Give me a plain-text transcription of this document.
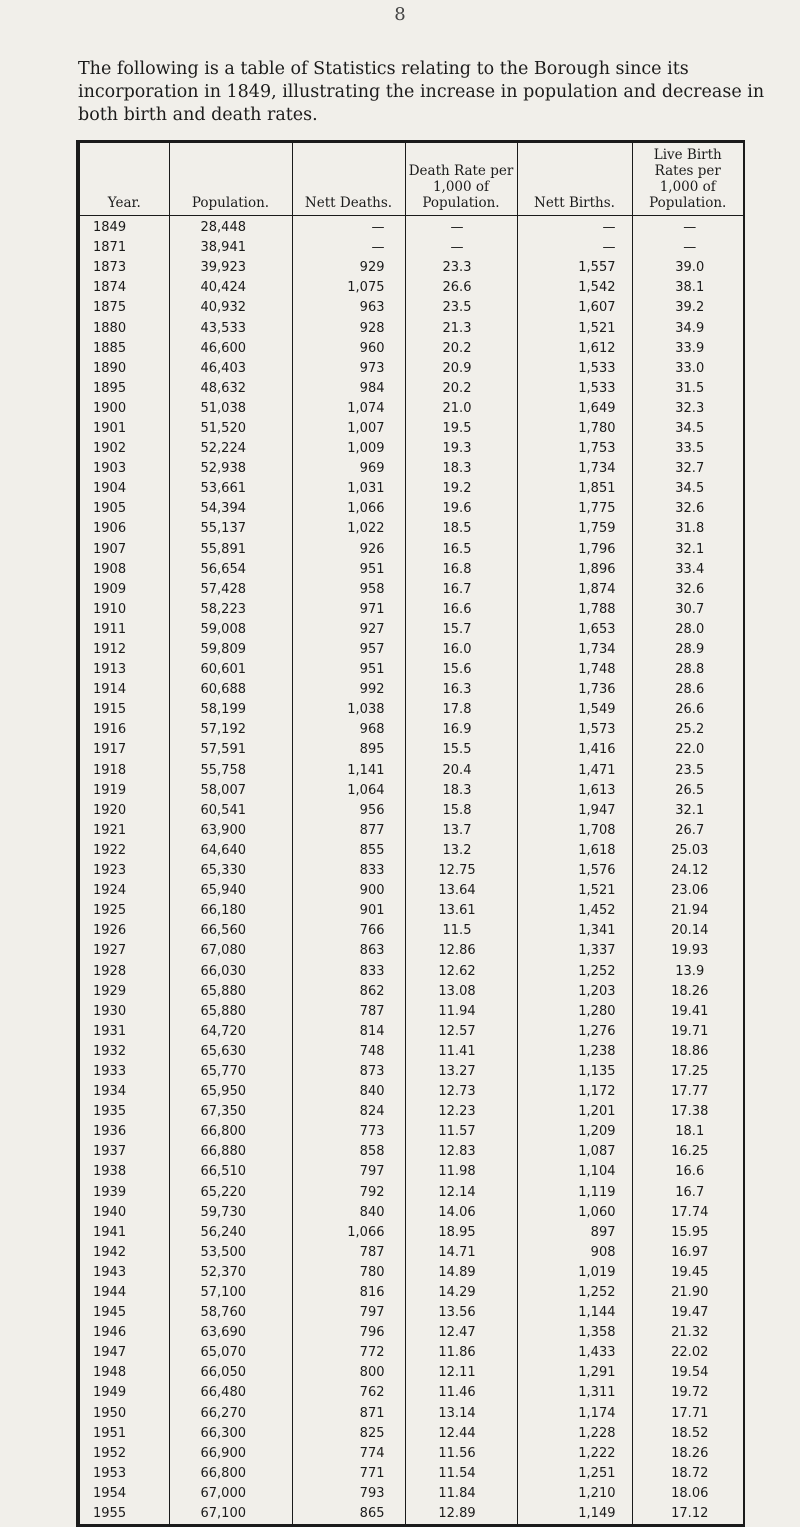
8

The following is a table of Statistics relating to the Borough since its incorporation in 1849, illustrating the increase in population and decrease in both birth and death rates.

Year.	Population.	Nett Deaths.	Death Rate per 1,000 of Population.	Nett Births.	Live Birth Rates per 1,000 of Population.
1849	28,448	—	—	—	—
1871	38,941	—	—	—	—
1873	39,923	929	23.3	1,557	39.0
1874	40,424	1,075	26.6	1,542	38.1
1875	40,932	963	23.5	1,607	39.2
1880	43,533	928	21.3	1,521	34.9
1885	46,600	960	20.2	1,612	33.9
1890	46,403	973	20.9	1,533	33.0
1895	48,632	984	20.2	1,533	31.5
1900	51,038	1,074	21.0	1,649	32.3
1901	51,520	1,007	19.5	1,780	34.5
1902	52,224	1,009	19.3	1,753	33.5
1903	52,938	969	18.3	1,734	32.7
1904	53,661	1,031	19.2	1,851	34.5
1905	54,394	1,066	19.6	1,775	32.6
1906	55,137	1,022	18.5	1,759	31.8
1907	55,891	926	16.5	1,796	32.1
1908	56,654	951	16.8	1,896	33.4
1909	57,428	958	16.7	1,874	32.6
1910	58,223	971	16.6	1,788	30.7
1911	59,008	927	15.7	1,653	28.0
1912	59,809	957	16.0	1,734	28.9
1913	60,601	951	15.6	1,748	28.8
1914	60,688	992	16.3	1,736	28.6
1915	58,199	1,038	17.8	1,549	26.6
1916	57,192	968	16.9	1,573	25.2
1917	57,591	895	15.5	1,416	22.0
1918	55,758	1,141	20.4	1,471	23.5
1919	58,007	1,064	18.3	1,613	26.5
1920	60,541	956	15.8	1,947	32.1
1921	63,900	877	13.7	1,708	26.7
1922	64,640	855	13.2	1,618	25.03
1923	65,330	833	12.75	1,576	24.12
1924	65,940	900	13.64	1,521	23.06
1925	66,180	901	13.61	1,452	21.94
1926	66,560	766	11.5	1,341	20.14
1927	67,080	863	12.86	1,337	19.93
1928	66,030	833	12.62	1,252	13.9
1929	65,880	862	13.08	1,203	18.26
1930	65,880	787	11.94	1,280	19.41
1931	64,720	814	12.57	1,276	19.71
1932	65,630	748	11.41	1,238	18.86
1933	65,770	873	13.27	1,135	17.25
1934	65,950	840	12.73	1,172	17.77
1935	67,350	824	12.23	1,201	17.38
1936	66,800	773	11.57	1,209	18.1
1937	66,880	858	12.83	1,087	16.25
1938	66,510	797	11.98	1,104	16.6
1939	65,220	792	12.14	1,119	16.7
1940	59,730	840	14.06	1,060	17.74
1941	56,240	1,066	18.95	897	15.95
1942	53,500	787	14.71	908	16.97
1943	52,370	780	14.89	1,019	19.45
1944	57,100	816	14.29	1,252	21.90
1945	58,760	797	13.56	1,144	19.47
1946	63,690	796	12.47	1,358	21.32
1947	65,070	772	11.86	1,433	22.02
1948	66,050	800	12.11	1,291	19.54
1949	66,480	762	11.46	1,311	19.72
1950	66,270	871	13.14	1,174	17.71
1951	66,300	825	12.44	1,228	18.52
1952	66,900	774	11.56	1,222	18.26
1953	66,800	771	11.54	1,251	18.72
1954	67,000	793	11.84	1,210	18.06
1955	67,100	865	12.89	1,149	17.12
